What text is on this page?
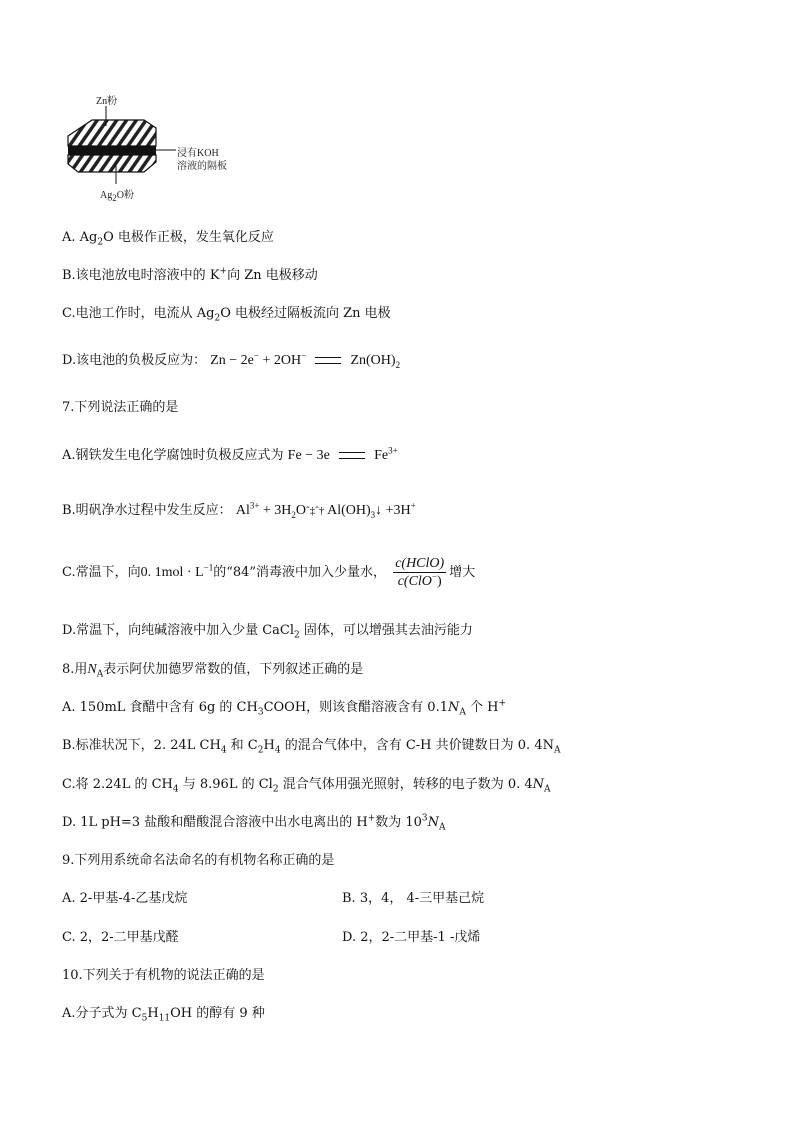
Zn粉
浸有KOH
溶液的隔板
$Ag_2O$粉
A. $Ag_2O$ 电极作正极，发生氧化反应
B.该电池放电时溶液中的 K+向 Zn 电极移动
C.电池工作时，电流从 $Ag_2O$ 电极经过隔板流向 Zn 电极
D.该电池的负极反应为： Zn − 2e− + 2OH−	$Zn(OH)_2$
7.下列说法正确的是
A.钢铁发生电化学腐蚀时负极反应式为 Fe − 3e	$Fe^{3+}$
B.明矾净水过程中发生反应： $Al^{3+}$ + $3H_2Oˆ\ddagger ˆ\dagger$ $Al(OH)_3↓ +3H^+$
C.常温下，向0. $1mol \cdot L^{-1}$的“84”消毒液中加入少量水， $\frac{\text{c(HClO)}}{c(ClO^-)}$ 增大
D.常温下，向纯碱溶液中加入少量 CaCl$_2$ 固体，可以增强其去油污能力
8.用$N_A$表示阿伏加德罗常数的值，下列叙述正确的是
A. 150mL 食醋中含有 6g 的 $CH_3COOH$，则该食醋溶液含有 $0.1N_A$ 个 H+
B.标准状况下，2. 24L $CH_4$ 和 $C_2H_4$ 的混合气体中，含有 C-H 共价键数日为 0. $4N_A$
C.将 2.24L 的 $CH_4$ 与 8.96L 的 $Cl_2$ 混合气体用强光照射，转移的电子数为 0. $4N_A$
D. 1L pH=3 盐酸和醋酸混合溶液中出水电离出的 H+数为 $10^3N_A$
9.下列用系统命名法命名的有机物名称正确的是
A. 2-甲基-4-乙基戊烷	B. 3，4， 4-三甲基己烷
C. 2，2-二甲基戊醛	D. 2，2-二甲基-1 -戊烯
10.下列关于有机物的说法正确的是
A.分子式为 $C_5H_{11}OH$ 的醇有 9 种
